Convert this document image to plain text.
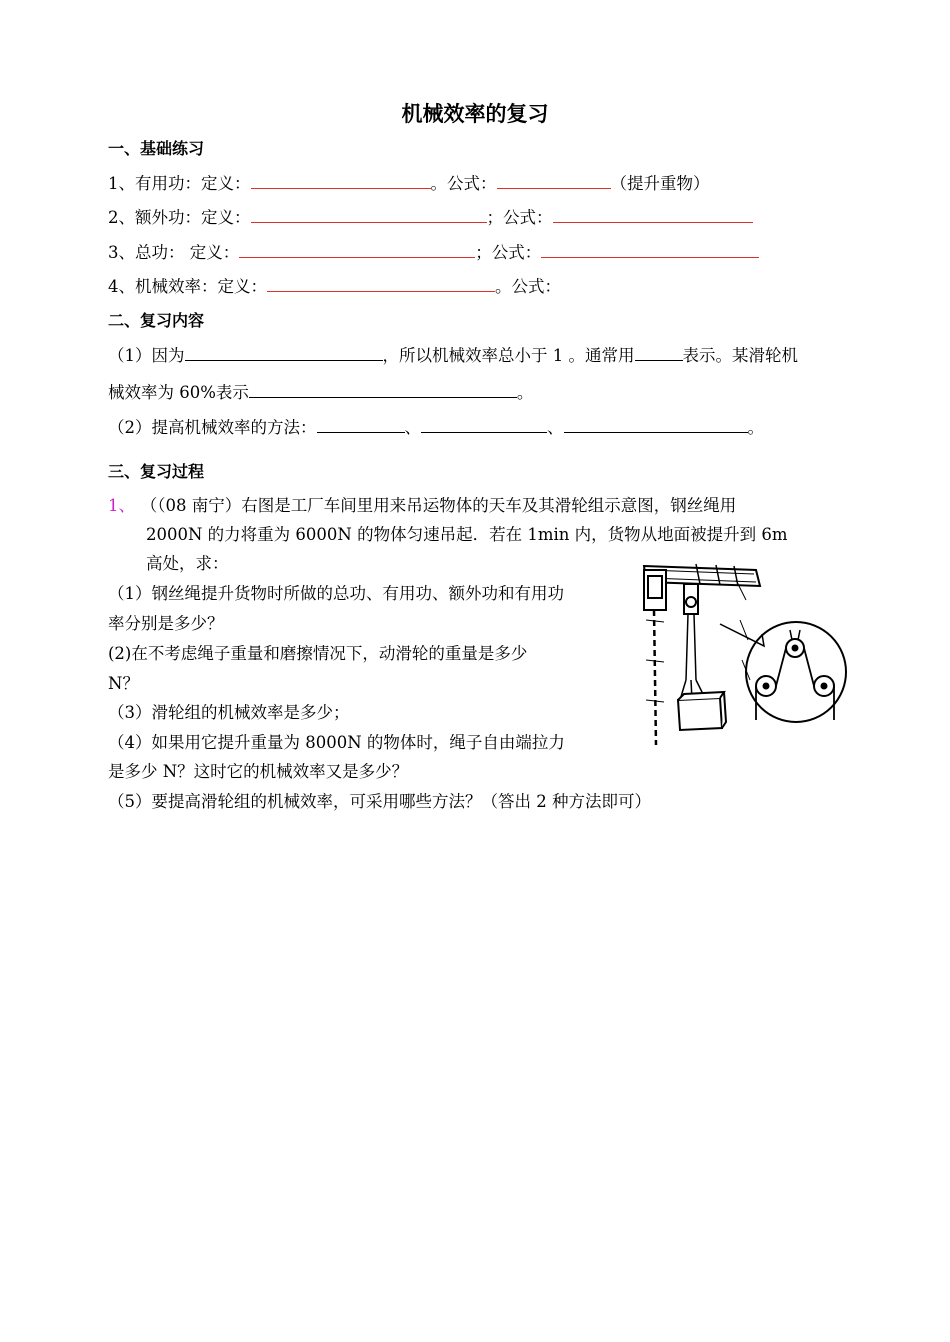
机械效率的复习
一、基础练习
1、有用功：定义：	。公式：	（提升重物）
2、额外功：定义：	；公式：
3、总功： 定义：	；公式：
4、机械效率：定义：	。公式：
二、复习内容
（1）因为	，所以机械效率总小于 1 。通常用	表示。某滑轮机
械效率为 60%表示	。
（2）提高机械效率的方法：	、	、	。
三、复习过程
1、 （（08 南宁）右图是工厂车间里用来吊运物体的天车及其滑轮组示意图，钢丝绳用
2000N 的力将重为 6000N 的物体匀速吊起．若在 1min 内，货物从地面被提升到 6m
高处，求：
（1）钢丝绳提升货物时所做的总功、有用功、额外功和有用功
率分别是多少？
(2)在不考虑绳子重量和磨擦情况下，动滑轮的重量是多少
N？
（3）滑轮组的机械效率是多少；
（4）如果用它提升重量为 8000N 的物体时，绳子自由端拉力
是多少 N？这时它的机械效率又是多少？
（5）要提高滑轮组的机械效率，可采用哪些方法？（答出 2 种方法即可）
